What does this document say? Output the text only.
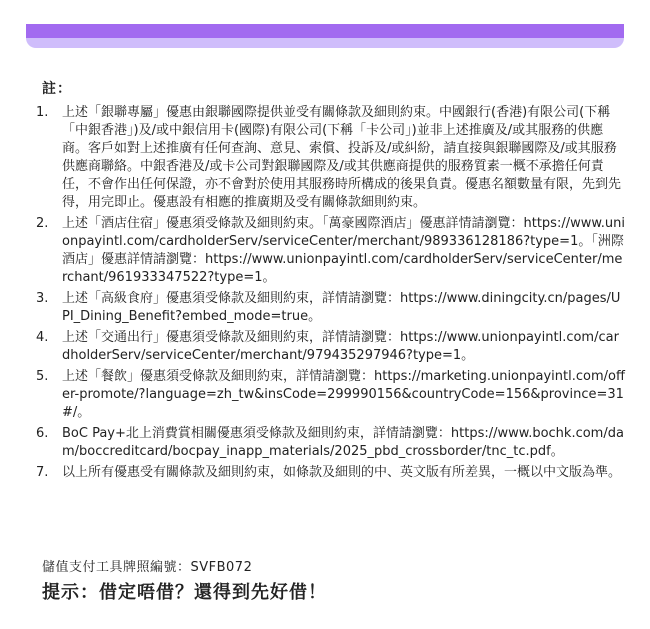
註：
1.	上述「銀聯專屬」優惠由銀聯國際提供並受有關條款及細則約束。中國銀行(香港)有限公司(下稱「中銀香港」)及/或中銀信用卡(國際)有限公司(下稱「卡公司」)並非上述推廣及/或其服務的供應商。客戶如對上述推廣有任何查詢、意見、索償、投訴及/或糾紛，請直接與銀聯國際及/或其服務供應商聯絡。中銀香港及/或卡公司對銀聯國際及/或其供應商提供的服務質素一概不承擔任何責任，不會作出任何保證，亦不會對於使用其服務時所構成的後果負責。優惠名額數量有限，先到先得，用完即止。優惠設有相應的推廣期及受有關條款細則約束。
2.	上述「酒店住宿」優惠須受條款及細則約束。「萬豪國際酒店」優惠詳情請瀏覽：https://www.unionpayintl.com/cardholderServ/serviceCenter/merchant/989336128186?type=1。「洲際酒店」優惠詳情請瀏覽：https://www.unionpayintl.com/cardholderServ/serviceCenter/merchant/961933347522?type=1。
3.	上述「高級食府」優惠須受條款及細則約束，詳情請瀏覽：https://www.diningcity.cn/pages/UPI_Dining_Benefit?embed_mode=true。
4.	上述「交通出行」優惠須受條款及細則約束，詳情請瀏覽：https://www.unionpayintl.com/cardholderServ/serviceCenter/merchant/979435297946?type=1。
5.	上述「餐飲」優惠須受條款及細則約束，詳情請瀏覽：https://marketing.unionpayintl.com/offer-promote/?language=zh_tw&insCode=299990156&countryCode=156&province=31#/。
6.	BoC Pay+北上消費賞相關優惠須受條款及細則約束，詳情請瀏覽：https://www.bochk.com/dam/boccreditcard/bocpay_inapp_materials/2025_pbd_crossborder/tnc_tc.pdf。
7.	以上所有優惠受有關條款及細則約束，如條款及細則的中、英文版有所差異，一概以中文版為準。
儲值支付工具牌照編號：SVFB072
提示：借定唔借？還得到先好借！
